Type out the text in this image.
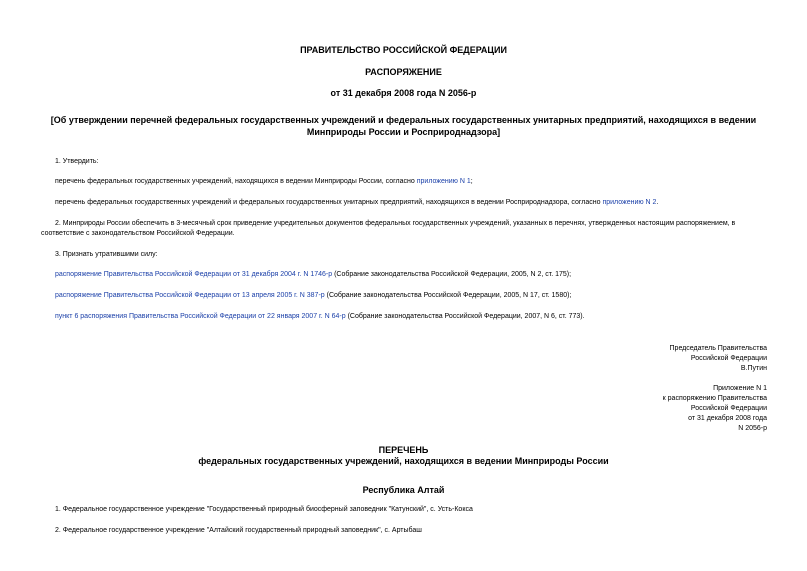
ПРАВИТЕЛЬСТВО РОССИЙСКОЙ ФЕДЕРАЦИИ
РАСПОРЯЖЕНИЕ
от 31 декабря 2008 года N 2056-р
[Об утверждении перечней федеральных государственных учреждений и федеральных государственных унитарных предприятий, находящихся в ведении
Минприроды России и Росприроднадзора]
1. Утвердить:
перечень федеральных государственных учреждений, находящихся в ведении Минприроды России, согласно приложению N 1;
перечень федеральных государственных учреждений и федеральных государственных унитарных предприятий, находящихся в ведении Росприроднадзора, согласно приложению N 2.
2. Минприроды России обеспечить в 3-месячный срок приведение учредительных документов федеральных государственных учреждений, указанных в перечнях, утвержденных настоящим распоряжением, в
соответствие с законодательством Российской Федерации.
3. Признать утратившими силу:
распоряжение Правительства Российской Федерации от 31 декабря 2004 г. N 1746-р (Собрание законодательства Российской Федерации, 2005, N 2, ст. 175);
распоряжение Правительства Российской Федерации от 13 апреля 2005 г. N 387-р (Собрание законодательства Российской Федерации, 2005, N 17, ст. 1580);
пункт 6 распоряжения Правительства Российской Федерации от 22 января 2007 г. N 64-р (Собрание законодательства Российской Федерации, 2007, N 6, ст. 773).
Председатель Правительства
Российской Федерации
В.Путин
Приложение N 1
к распоряжению Правительства
Российской Федерации
от 31 декабря 2008 года
N 2056-р
ПЕРЕЧЕНЬ
федеральных государственных учреждений, находящихся в ведении Минприроды России
Республика Алтай
1. Федеральное государственное учреждение "Государственный природный биосферный заповедник "Катунский", с. Усть-Кокса
2. Федеральное государственное учреждение "Алтайский государственный природный заповедник", с. Артыбаш
